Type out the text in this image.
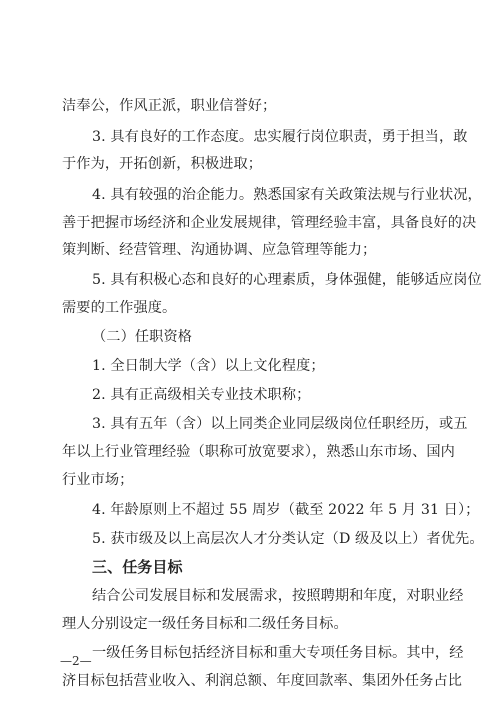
洁奉公，作风正派，职业信誉好；
3. 具有良好的工作态度。忠实履行岗位职责，勇于担当，敢
于作为，开拓创新，积极进取；
4. 具有较强的治企能力。熟悉国家有关政策法规与行业状况，
善于把握市场经济和企业发展规律，管理经验丰富，具备良好的决
策判断、经营管理、沟通协调、应急管理等能力；
5. 具有积极心态和良好的心理素质，身体强健，能够适应岗位
需要的工作强度。
（二）任职资格
1. 全日制大学（含）以上文化程度；
2. 具有正高级相关专业技术职称；
3. 具有五年（含）以上同类企业同层级岗位任职经历，或五
年以上行业管理经验（职称可放宽要求），熟悉山东市场、国内
行业市场；
4. 年龄原则上不超过 55 周岁（截至 2022 年 5 月 31 日）；
5. 获市级及以上高层次人才分类认定（D 级及以上）者优先。
三、任务目标
结合公司发展目标和发展需求，按照聘期和年度，对职业经
理人分别设定一级任务目标和二级任务目标。
一级任务目标包括经济目标和重大专项任务目标。其中，经
济目标包括营业收入、利润总额、年度回款率、集团外任务占比
—2—
